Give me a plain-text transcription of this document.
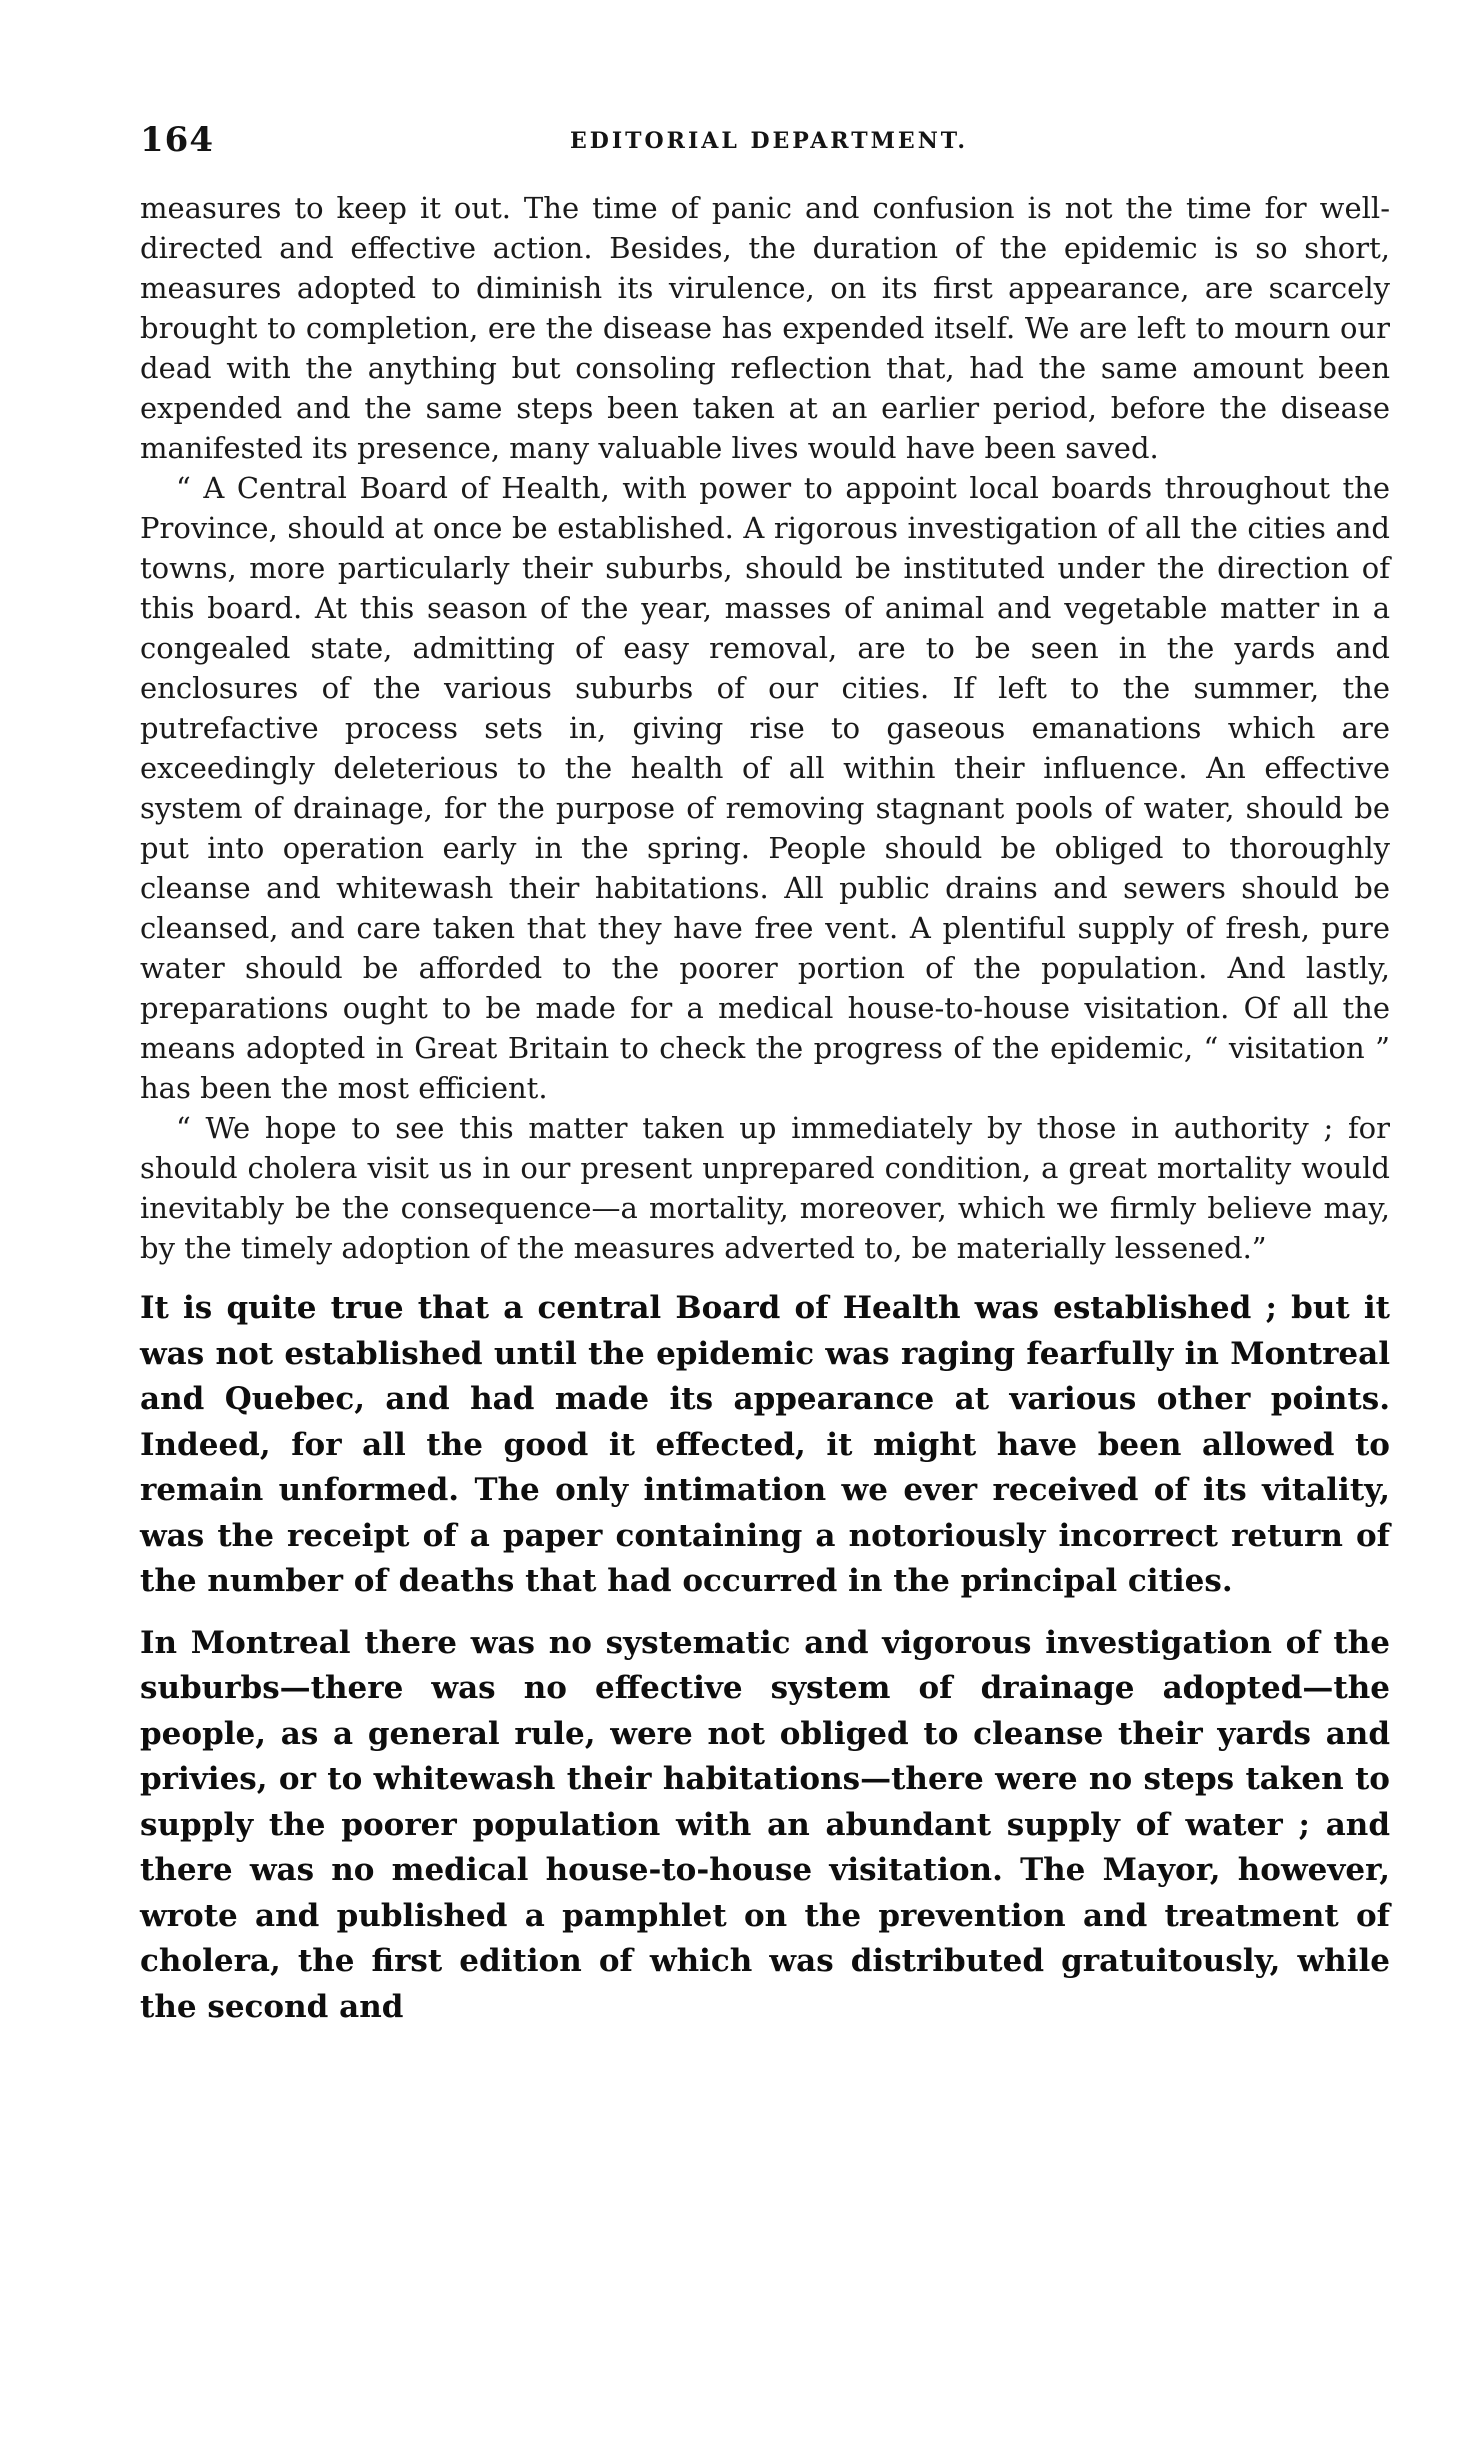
164	EDITORIAL DEPARTMENT.

measures to keep it out. The time of panic and confusion is not the time for well-directed and effective action. Besides, the duration of the epidemic is so short, measures adopted to diminish its virulence, on its first appearance, are scarcely brought to completion, ere the disease has expended itself. We are left to mourn our dead with the anything but consoling reflection that, had the same amount been expended and the same steps been taken at an earlier period, before the disease manifested its presence, many valuable lives would have been saved.

“ A Central Board of Health, with power to appoint local boards throughout the Province, should at once be established. A rigorous investigation of all the cities and towns, more particularly their suburbs, should be instituted under the direction of this board. At this season of the year, masses of animal and vegetable matter in a congealed state, admitting of easy removal, are to be seen in the yards and enclosures of the various suburbs of our cities. If left to the summer, the putrefactive process sets in, giving rise to gaseous emanations which are exceedingly deleterious to the health of all within their influence. An effective system of drainage, for the purpose of removing stagnant pools of water, should be put into operation early in the spring. People should be obliged to thoroughly cleanse and whitewash their habitations. All public drains and sewers should be cleansed, and care taken that they have free vent. A plentiful supply of fresh, pure water should be afforded to the poorer portion of the population. And lastly, preparations ought to be made for a medical house-to-house visitation. Of all the means adopted in Great Britain to check the progress of the epidemic, “ visitation ” has been the most efficient.

“ We hope to see this matter taken up immediately by those in authority ; for should cholera visit us in our present unprepared condition, a great mortality would inevitably be the consequence—a mortality, moreover, which we firmly believe may, by the timely adoption of the measures adverted to, be materially lessened.”

It is quite true that a central Board of Health was established ; but it was not established until the epidemic was raging fearfully in Montreal and Quebec, and had made its appearance at various other points. Indeed, for all the good it effected, it might have been allowed to remain unformed. The only intimation we ever received of its vitality, was the receipt of a paper containing a notoriously incorrect return of the number of deaths that had occurred in the principal cities.

In Montreal there was no systematic and vigorous investigation of the suburbs—there was no effective system of drainage adopted—the people, as a general rule, were not obliged to cleanse their yards and privies, or to whitewash their habitations—there were no steps taken to supply the poorer population with an abundant supply of water ; and there was no medical house-to-house visitation. The Mayor, however, wrote and published a pamphlet on the prevention and treatment of cholera, the first edition of which was distributed gratuitously, while the second and
